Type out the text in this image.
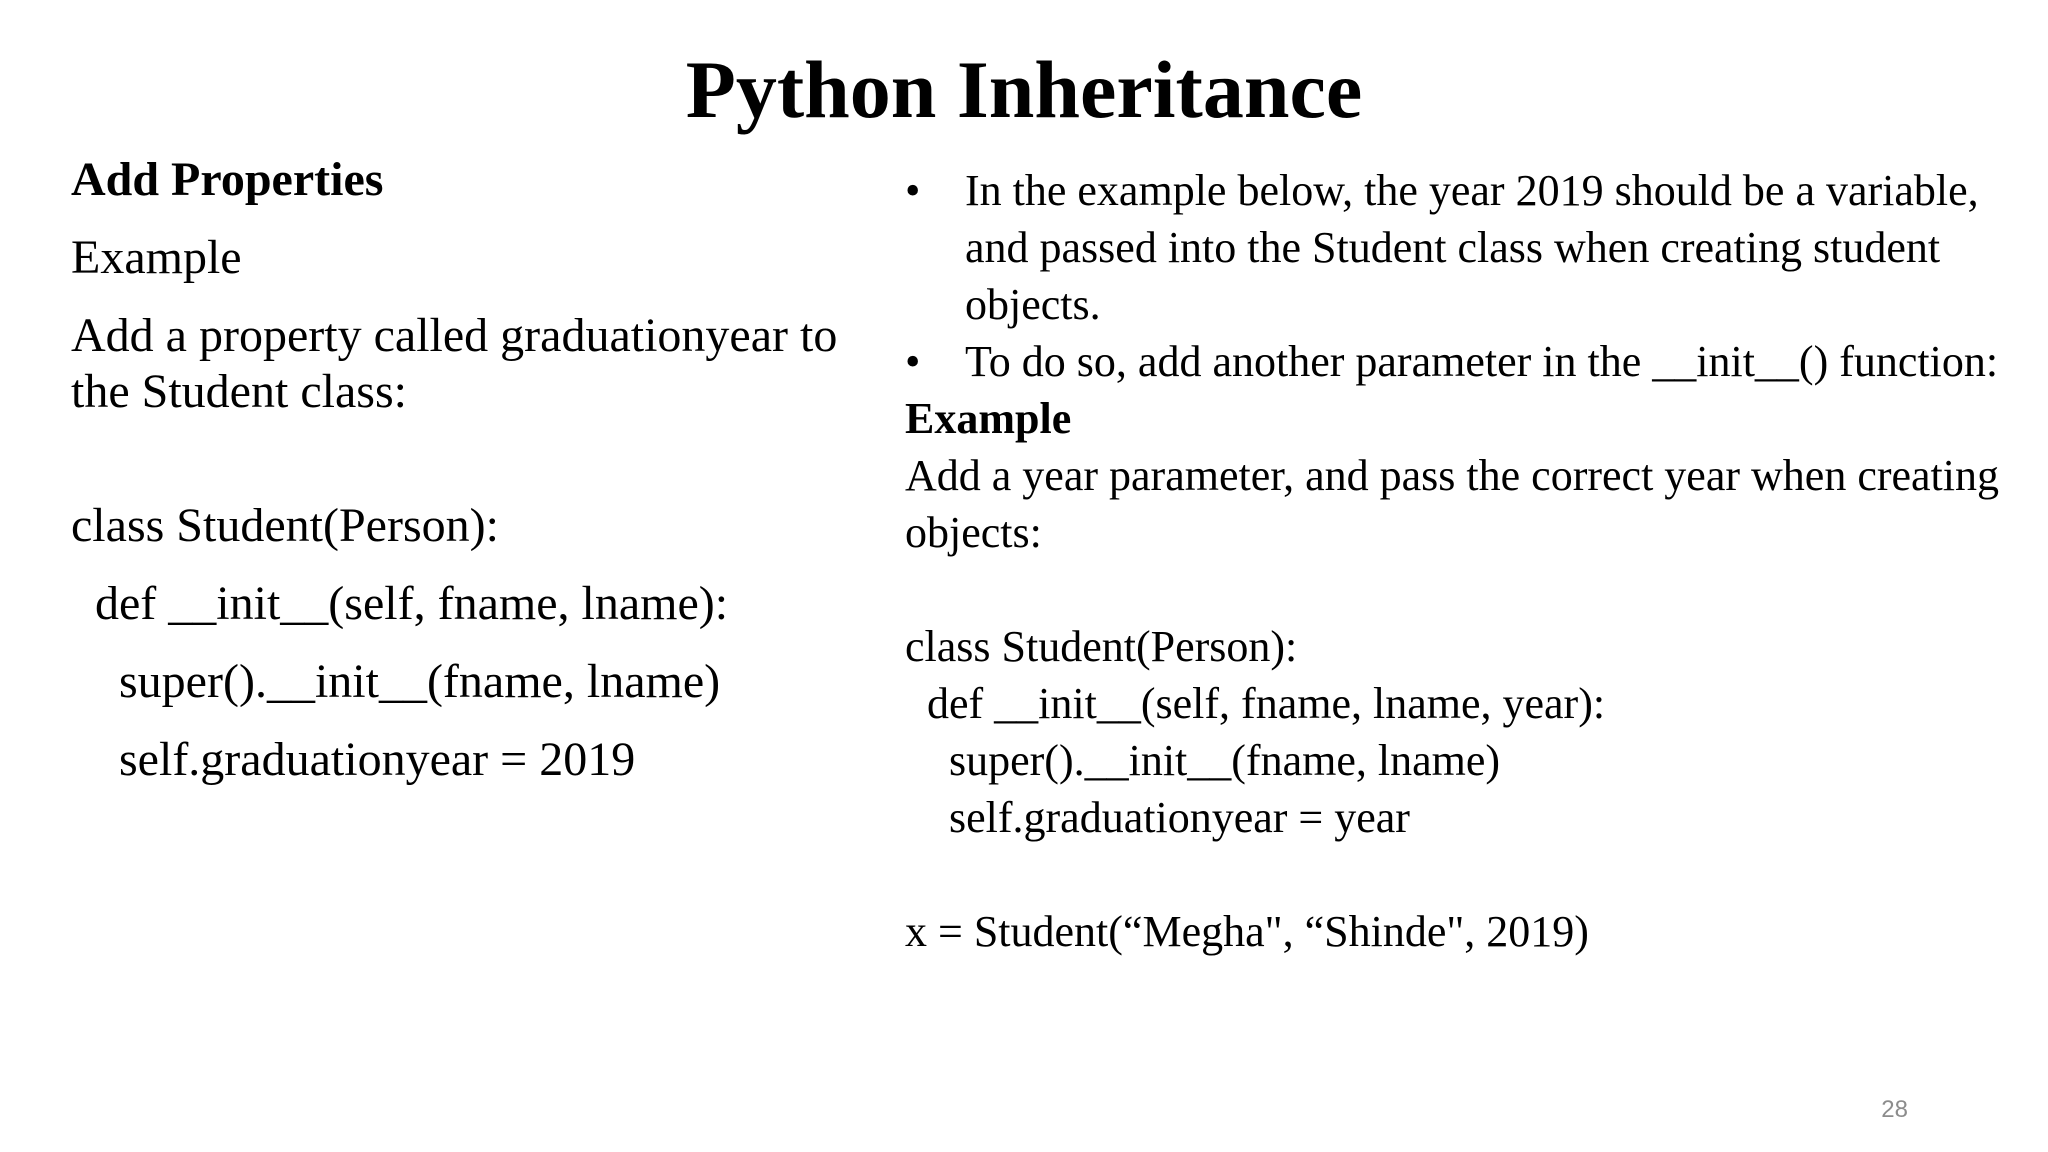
Python Inheritance

Add Properties

Example

Add a property called graduationyear to the Student class:

class Student(Person):
def __init__(self, fname, lname):
super().__init__(fname, lname)
self.graduationyear = 2019
• In the example below, the year 2019 should be a variable, and passed into the Student class when creating student objects.
• To do so, add another parameter in the __init__() function:

Example

Add a year parameter, and pass the correct year when creating objects:

class Student(Person):
def __init__(self, fname, lname, year):
super().__init__(fname, lname)
self.graduationyear = year
x = Student(“Megha", “Shinde", 2019)
28
